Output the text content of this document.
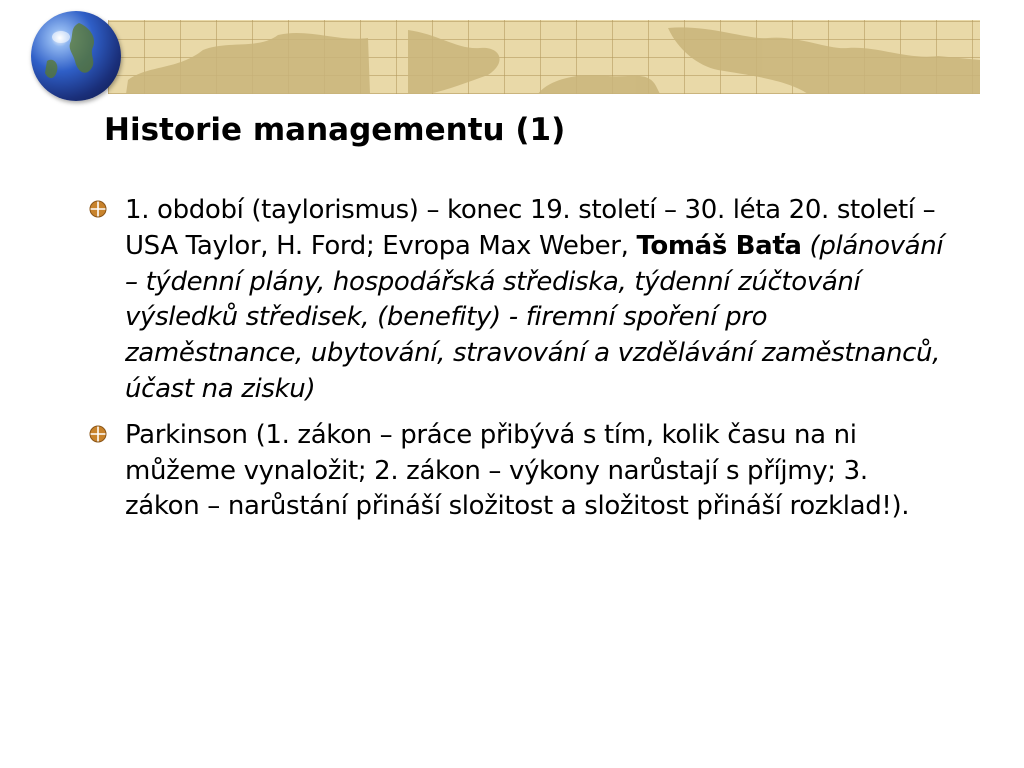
Historie managementu (1)
1. období (taylorismus) – konec 19. století – 30. léta 20. století – USA Taylor, H. Ford; Evropa Max Weber, Tomáš Baťa (plánování – týdenní plány, hospodářská střediska, týdenní zúčtování výsledků středisek, (benefity) - firemní spoření pro zaměstnance, ubytování, stravování a vzdělávání zaměstnanců, účast na zisku)
Parkinson (1. zákon – práce přibývá s tím, kolik času na ni můžeme vynaložit; 2. zákon – výkony narůstají s příjmy; 3. zákon – narůstání přináší složitost a složitost přináší rozklad!).
